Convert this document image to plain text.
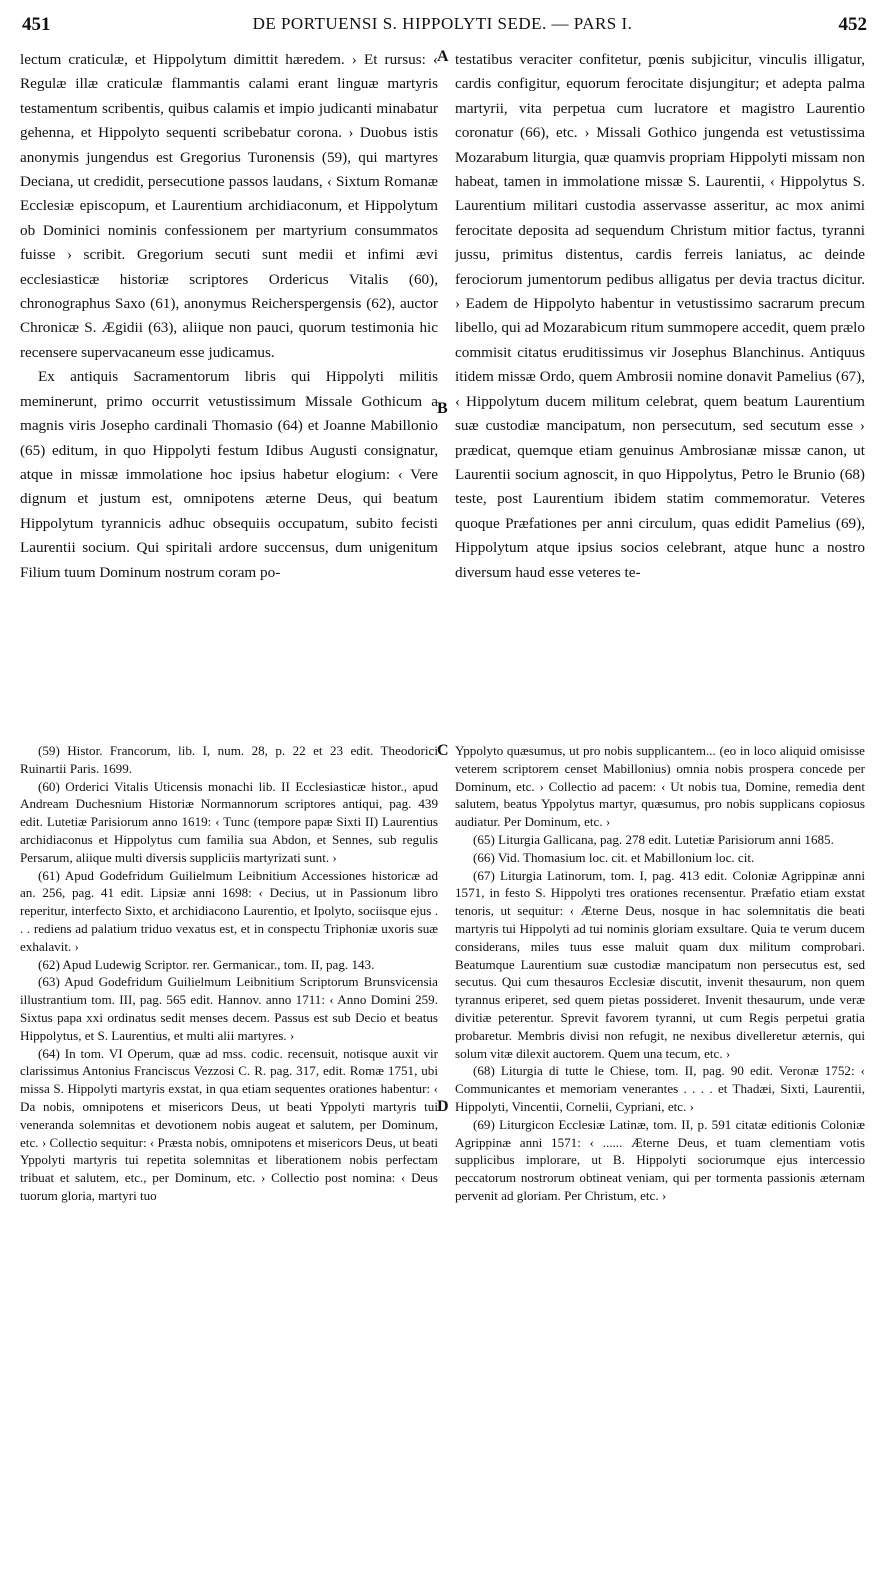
451	DE PORTUENSI S. HIPPOLYTI SEDE. — PARS I.	452

lectum craticulæ, et Hippolytum dimittit hæredem. › Et rursus: ‹ Regulæ illæ craticulæ flammantis calami erant linguæ martyris testamentum scribentis, quibus calamis et impio judicanti minabatur gehenna, et Hippolyto sequenti scribebatur corona. › Duobus istis anonymis jungendus est Gregorius Turonensis (59), qui martyres Deciana, ut credidit, persecutione passos laudans, ‹ Sixtum Romanæ Ecclesiæ episcopum, et Laurentium archidiaconum, et Hippolytum ob Dominici nominis confessionem per martyrium consummatos fuisse › scribit. Gregorium secuti sunt medii et infimi ævi ecclesiasticæ historiæ scriptores Ordericus Vitalis (60), chronographus Saxo (61), anonymus Reicherspergensis (62), auctor Chronicæ S. Ægidii (63), aliique non pauci, quorum testimonia hic recensere supervacaneum esse judicamus.

Ex antiquis Sacramentorum libris qui Hippolyti militis meminerunt, primo occurrit vetustissimum Missale Gothicum a magnis viris Josepho cardinali Thomasio (64) et Joanne Mabillonio (65) editum, in quo Hippolyti festum Idibus Augusti consignatur, atque in missæ immolatione hoc ipsius habetur elogium: ‹ Vere dignum et justum est, omnipotens æterne Deus, qui beatum Hippolytum tyrannicis adhuc obsequiis occupatum, subito fecisti Laurentii socium. Qui spiritali ardore succensus, dum unigenitum Filium tuum Dominum nostrum coram po-

testatibus veraciter confitetur, pœnis subjicitur, vinculis illigatur, cardis configitur, equorum ferocitate disjungitur; et adepta palma martyrii, vita perpetua cum lucratore et magistro Laurentio coronatur (66), etc. › Missali Gothico jungenda est vetustissima Mozarabum liturgia, quæ quamvis propriam Hippolyti missam non habeat, tamen in immolatione missæ S. Laurentii, ‹ Hippolytus S. Laurentium militari custodia asservasse asseritur, ac mox animi ferocitate deposita ad sequendum Christum mitior factus, tyranni jussu, primitus distentus, cardis ferreis laniatus, ac deinde ferociorum jumentorum pedibus alligatus per devia tractus dicitur. › Eadem de Hippolyto habentur in vetustissimo sacrarum precum libello, qui ad Mozarabicum ritum summopere accedit, quem prælo commisit citatus eruditissimus vir Josephus Blanchinus. Antiquus itidem missæ Ordo, quem Ambrosii nomine donavit Pamelius (67), ‹ Hippolytum ducem militum celebrat, quem beatum Laurentium suæ custodiæ mancipatum, non persecutum, sed secutum esse › prædicat, quemque etiam genuinus Ambrosianæ missæ canon, ut Laurentii socium agnoscit, in quo Hippolytus, Petro le Brunio (68) teste, post Laurentium ibidem statim commemoratur. Veteres quoque Præfationes per anni circulum, quas edidit Pamelius (69), Hippolytum atque ipsius socios celebrant, atque hunc a nostro diversum haud esse veteres te-

A
B
C
D

(59) Histor. Francorum, lib. I, num. 28, p. 22 et 23 edit. Theodorici Ruinartii Paris. 1699.

(60) Orderici Vitalis Uticensis monachi lib. II Ecclesiasticæ histor., apud Andream Duchesnium Historiæ Normannorum scriptores antiqui, pag. 439 edit. Lutetiæ Parisiorum anno 1619: ‹ Tunc (tempore papæ Sixti II) Laurentius archidiaconus et Hippolytus cum familia sua Abdon, et Sennes, sub regulis Persarum, aliique multi diversis suppliciis martyrizati sunt. ›

(61) Apud Godefridum Guilielmum Leibnitium Accessiones historicæ ad an. 256, pag. 41 edit. Lipsiæ anni 1698: ‹ Decius, ut in Passionum libro reperitur, interfecto Sixto, et archidiacono Laurentio, et Ipolyto, sociisque ejus . . . rediens ad palatium triduo vexatus est, et in conspectu Triphoniæ uxoris suæ exhalavit. ›

(62) Apud Ludewig Scriptor. rer. Germanicar., tom. II, pag. 143.

(63) Apud Godefridum Guilielmum Leibnitium Scriptorum Brunsvicensia illustrantium tom. III, pag. 565 edit. Hannov. anno 1711: ‹ Anno Domini 259. Sixtus papa xxi ordinatus sedit menses decem. Passus est sub Decio et beatus Hippolytus, et S. Laurentius, et multi alii martyres. ›

(64) In tom. VI Operum, quæ ad mss. codic. recensuit, notisque auxit vir clarissimus Antonius Franciscus Vezzosi C. R. pag. 317, edit. Romæ 1751, ubi missa S. Hippolyti martyris exstat, in qua etiam sequentes orationes habentur: ‹ Da nobis, omnipotens et misericors Deus, ut beati Yppolyti martyris tui veneranda solemnitas et devotionem nobis augeat et salutem, per Dominum, etc. › Collectio sequitur: ‹ Præsta nobis, omnipotens et misericors Deus, ut beati Yppolyti martyris tui repetita solemnitas et liberationem nobis perfectam tribuat et salutem, etc., per Dominum, etc. › Collectio post nomina: ‹ Deus tuorum gloria, martyri tuo

Yppolyto quæsumus, ut pro nobis supplicantem... (eo in loco aliquid omisisse veterem scriptorem censet Mabillonius) omnia nobis prospera concede per Dominum, etc. › Collectio ad pacem: ‹ Ut nobis tua, Domine, remedia dent salutem, beatus Yppolytus martyr, quæsumus, pro nobis supplicans copiosus audiatur. Per Dominum, etc. ›

(65) Liturgia Gallicana, pag. 278 edit. Lutetiæ Parisiorum anni 1685.

(66) Vid. Thomasium loc. cit. et Mabillonium loc. cit.

(67) Liturgia Latinorum, tom. I, pag. 413 edit. Coloniæ Agrippinæ anni 1571, in festo S. Hippolyti tres orationes recensentur. Præfatio etiam exstat tenoris, ut sequitur: ‹ Æterne Deus, nosque in hac solemnitatis die beati martyris tui Hippolyti ad tui nominis gloriam exsultare. Quia te verum ducem considerans, miles tuus esse maluit quam dux militum comprobari. Beatumque Laurentium suæ custodiæ mancipatum non persecutus est, sed secutus. Qui cum thesauros Ecclesiæ discutit, invenit thesaurum, non quem tyrannus eriperet, sed quem pietas possideret. Invenit thesaurum, unde veræ divitiæ peterentur. Sprevit favorem tyranni, ut cum Regis perpetui gratia probaretur. Membris divisi non refugit, ne nexibus divelleretur æternis, qui solum vitæ dilexit auctorem. Quem una tecum, etc. ›

(68) Liturgia di tutte le Chiese, tom. II, pag. 90 edit. Veronæ 1752: ‹ Communicantes et memoriam venerantes . . . . et Thadæi, Sixti, Laurentii, Hippolyti, Vincentii, Cornelii, Cypriani, etc. ›

(69) Liturgicon Ecclesiæ Latinæ, tom. II, p. 591 citatæ editionis Coloniæ Agrippinæ anni 1571: ‹ ...... Æterne Deus, et tuam clementiam votis supplicibus implorare, ut B. Hippolyti sociorumque ejus intercessio peccatorum nostrorum obtineat veniam, qui per tormenta passionis æternam pervenit ad gloriam. Per Christum, etc. ›
